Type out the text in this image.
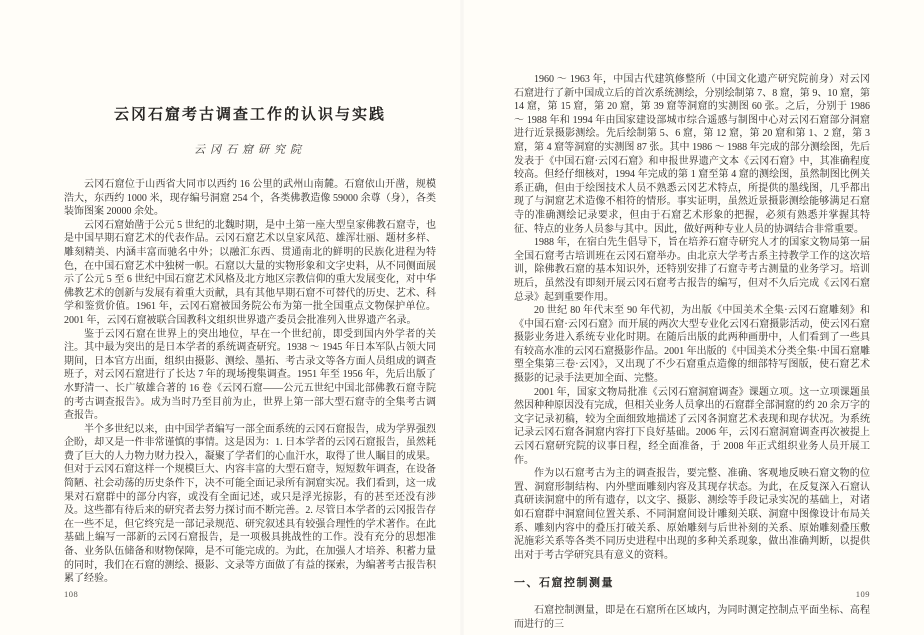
云冈石窟考古调查工作的认识与实践
云冈石窟研究院

云冈石窟位于山西省大同市以西约 16 公里的武州山南麓。石窟依山开凿，规模浩大，东西约 1000 米，现存编号洞窟 254 个，各类佛教造像 59000 余尊（身），各类装饰图案 20000 余处。

云冈石窟始凿于公元 5 世纪的北魏时期，是中土第一座大型皇家佛教石窟寺，也是中国早期石窟艺术的代表作品。云冈石窟艺术以皇家风范、雄浑壮丽、题材多样、雕刻精美、内涵丰富而驰名中外；以融汇东西、贯通南北的鲜明的民族化进程为特色，在中国石窟艺术中独树一帜。石窟以大量的实物形象和文字史料，从不同侧面展示了公元 5 至 6 世纪中国石窟艺术风格及北方地区宗教信仰的重大发展变化，对中华佛教艺术的创新与发展有着重大贡献，具有其他早期石窟不可替代的历史、艺术、科学和鉴赏价值。1961 年，云冈石窟被国务院公布为第一批全国重点文物保护单位。2001 年，云冈石窟被联合国教科文组织世界遗产委员会批准列入世界遗产名录。

鉴于云冈石窟在世界上的突出地位，早在一个世纪前，即受到国内外学者的关注。其中最为突出的是日本学者的系统调查研究。1938 ～ 1945 年日本军队占领大同期间，日本官方出面，组织由摄影、测绘、墨拓、考古录文等各方面人员组成的调查班子，对云冈石窟进行了长达 7 年的现场搜集调查。1951 年至 1956 年，先后出版了水野清一、长广敏雄合著的 16 卷《云冈石窟——公元五世纪中国北部佛教石窟寺院的考古调查报告》。成为当时乃至目前为止，世界上第一部大型石窟寺的全集考古调查报告。

半个多世纪以来，由中国学者编写一部全面系统的云冈石窟报告，成为学界强烈企盼，却又是一件非常谨慎的事情。这是因为：1. 日本学者的云冈石窟报告，虽然耗费了巨大的人力物力财力投入，凝聚了学者们的心血汗水，取得了世人瞩目的成果。但对于云冈石窟这样一个规模巨大、内容丰富的大型石窟寺，短短数年调查，在设备简陋、社会动荡的历史条件下，决不可能全面记录所有洞窟实况。我们看到，这一成果对石窟群中的部分内容，或没有全面记述，或只是浮光掠影，有的甚至还没有涉及。这些都有待后来的研究者去努力探讨而不断完善。2. 尽管日本学者的云冈报告存在一些不足，但它终究是一部记录规范、研究叙述具有较强合理性的学术著作。在此基础上编写一部新的云冈石窟报告，是一项极具挑战性的工作。没有充分的思想准备、业务队伍储备和财物保障，是不可能完成的。为此，在加强人才培养、积蓄力量的同时，我们在石窟的测绘、摄影、文录等方面做了有益的探索，为编著考古报告积累了经验。

108

1960 ～ 1963 年，中国古代建筑修整所（中国文化遗产研究院前身）对云冈石窟进行了新中国成立后的首次系统测绘，分别绘制第 7、8 窟，第 9、10 窟，第 14 窟，第 15 窟，第 20 窟，第 39 窟等洞窟的实测图 60 张。之后，分别于 1986 ～ 1988 年和 1994 年由国家建设部城市综合遥感与制图中心对云冈石窟部分洞窟进行近景摄影测绘。先后绘制第 5、6 窟，第 12 窟，第 20 窟和第 1、2 窟，第 3 窟，第 4 窟等洞窟的实测图 87 张。其中 1986 ～ 1988 年完成的部分测绘图，先后发表于《中国石窟·云冈石窟》和申报世界遗产文本《云冈石窟》中，其准确程度较高。但经仔细核对，1994 年完成的第 1 窟至第 4 窟的测绘图，虽然制图比例关系正确，但由于绘图技术人员不熟悉云冈艺术特点，所提供的墨线图，几乎都出现了与洞窟艺术造像不相符的情形。事实证明，虽然近景摄影测绘能够满足石窟寺的准确测绘记录要求，但由于石窟艺术形象的把握，必须有熟悉并掌握其特征、特点的业务人员参与其中。因此，做好两种专业人员的协调结合非常重要。

1988 年，在宿白先生倡导下，旨在培养石窟寺研究人才的国家文物局第一届全国石窟考古培训班在云冈石窟举办。由北京大学考古系主持教学工作的这次培训，除佛教石窟的基本知识外，还特别安排了石窟寺考古测量的业务学习。培训班后，虽然没有即刻开展云冈石窟考古报告的编写，但对不久后完成《云冈石窟总录》起到重要作用。

20 世纪 80 年代末至 90 年代初，为出版《中国美术全集·云冈石窟雕刻》和《中国石窟·云冈石窟》而开展的两次大型专业化云冈石窟摄影活动，使云冈石窟摄影业务进入系统专业化时期。在随后出版的此两种画册中，人们看到了一些具有较高水准的云冈石窟摄影作品。2001 年出版的《中国美术分类全集·中国石窟雕塑全集第三卷·云冈》，又出现了不少石窟重点造像的细部特写图版，使石窟艺术摄影的记录手法更加全面、完整。

2001 年，国家文物局批准《云冈石窟洞窟调查》课题立项。这一立项课题虽然因种种原因没有完成，但相关业务人员拿出的石窟群全部洞窟的约 20 余万字的文字记录初稿，较为全面细致地描述了云冈各洞窟艺术表现和现存状况。为系统记录云冈石窟各洞窟内容打下良好基础。2006 年，云冈石窟洞窟调查再次被提上云冈石窟研究院的议事日程，经全面准备，于 2008 年正式组织业务人员开展工作。

作为以石窟考古为主的调查报告，要完整、准确、客观地反映石窟文物的位置、洞窟形制结构、内外壁面雕刻内容及其现存状态。为此，在反复深入石窟认真研读洞窟中的所有遗存，以文字、摄影、测绘等手段记录实况的基础上，对诸如石窟群中洞窟间位置关系、不同洞窟间设计雕刻关联、洞窟中图像设计布局关系、雕刻内容中的叠压打破关系、原始雕刻与后世补刻的关系、原始雕刻叠压敷泥施彩关系等各类不同历史进程中出现的多种关系现象，做出准确判断，以提供出对于考古学研究具有意义的资料。

一、石窟控制测量

石窟控制测量，即是在石窟所在区域内，为同时测定控制点平面坐标、高程而进行的三

109
